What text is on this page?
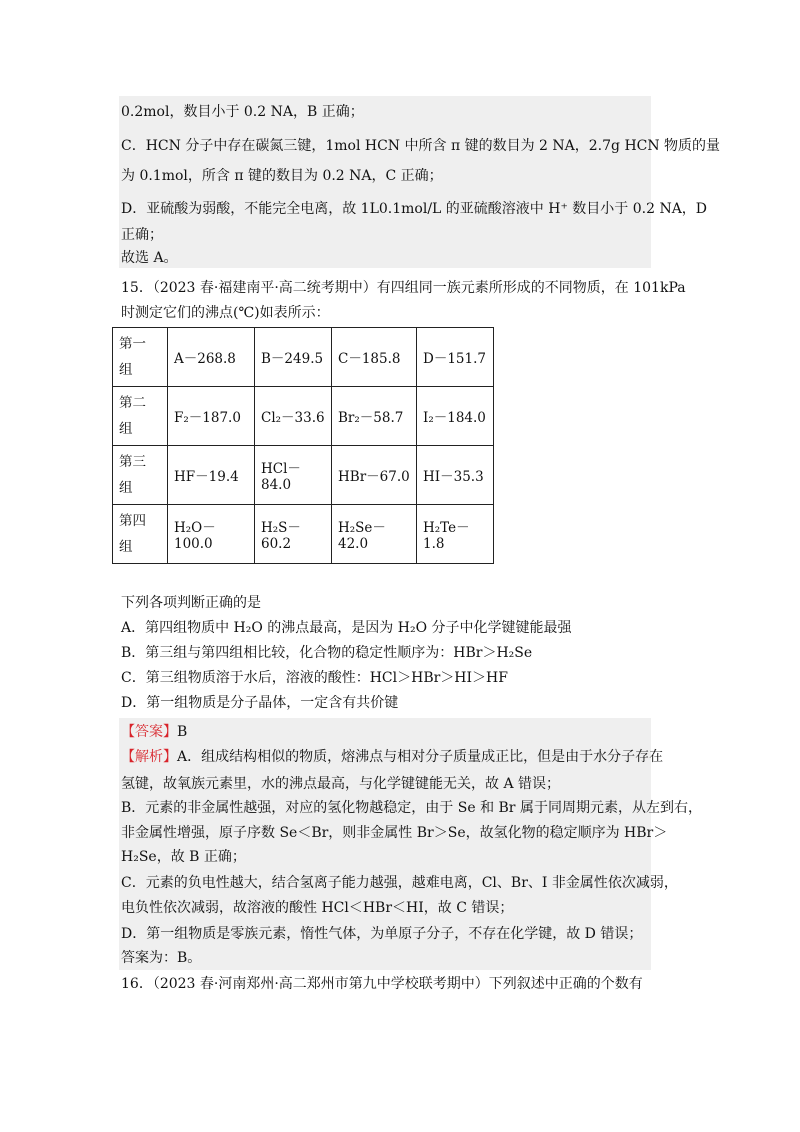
0.2mol，数目小于 0.2 NA，B 正确；
C．HCN 分子中存在碳氮三键，1mol HCN 中所含 π 键的数目为 2 NA，2.7g HCN 物质的量
为 0.1mol，所含 π 键的数目为 0.2 NA，C 正确；
D．亚硫酸为弱酸，不能完全电离，故 1L0.1mol/L 的亚硫酸溶液中 H⁺ 数目小于 0.2 NA，D
正确；
故选 A。
15．（2023 春·福建南平·高二统考期中）有四组同一族元素所形成的不同物质，在 101kPa
时测定它们的沸点(℃)如表所示：
第一
组	A－268.8	B－249.5	C－185.8	D－151.7
第二
组	F₂－187.0	Cl₂－33.6	Br₂－58.7	I₂－184.0
第三
组	HF－19.4	HCl－84.0	HBr－67.0	HI－35.3
第四
组	H₂O－100.0	H₂S－60.2	H₂Se－42.0	H₂Te－1.8
下列各项判断正确的是
A．第四组物质中 H₂O 的沸点最高，是因为 H₂O 分子中化学键键能最强
B．第三组与第四组相比较，化合物的稳定性顺序为：HBr＞H₂Se
C．第三组物质溶于水后，溶液的酸性：HCl＞HBr＞HI＞HF
D．第一组物质是分子晶体，一定含有共价键
【答案】B
【解析】A．组成结构相似的物质，熔沸点与相对分子质量成正比，但是由于水分子存在
氢键，故氧族元素里，水的沸点最高，与化学键键能无关，故 A 错误；
B．元素的非金属性越强，对应的氢化物越稳定，由于 Se 和 Br 属于同周期元素，从左到右，
非金属性增强，原子序数 Se＜Br，则非金属性 Br＞Se，故氢化物的稳定顺序为 HBr＞
H₂Se，故 B 正确；
C．元素的负电性越大，结合氢离子能力越强，越难电离，Cl、Br、I 非金属性依次减弱，
电负性依次减弱，故溶液的酸性 HCl＜HBr＜HI，故 C 错误；
D．第一组物质是零族元素，惰性气体，为单原子分子，不存在化学键，故 D 错误；
答案为：B。
16．（2023 春·河南郑州·高二郑州市第九中学校联考期中）下列叙述中正确的个数有
